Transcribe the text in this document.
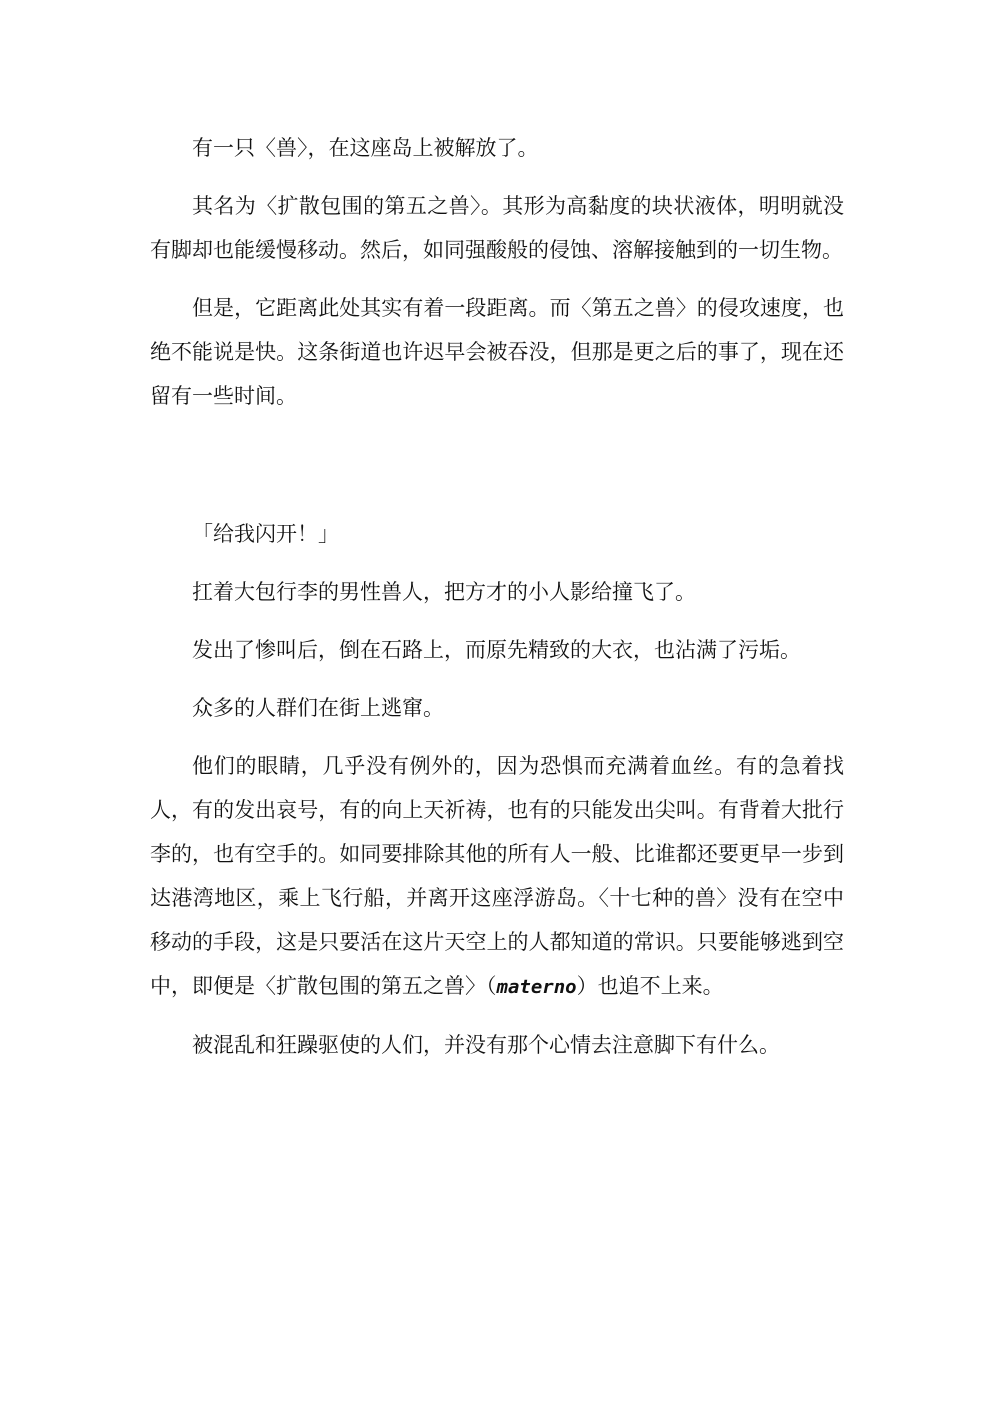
有一只〈兽〉，在这座岛上被解放了。

其名为〈扩散包围的第五之兽〉。其形为高黏度的块状液体，明明就没有脚却也能缓慢移动。然后，如同强酸般的侵蚀、溶解接触到的一切生物。

但是，它距离此处其实有着一段距离。而〈第五之兽〉的侵攻速度，也绝不能说是快。这条街道也许迟早会被吞没，但那是更之后的事了，现在还留有一些时间。

「给我闪开！」

扛着大包行李的男性兽人，把方才的小人影给撞飞了。

发出了惨叫后，倒在石路上，而原先精致的大衣，也沾满了污垢。

众多的人群们在街上逃窜。

他们的眼睛，几乎没有例外的，因为恐惧而充满着血丝。有的急着找人，有的发出哀号，有的向上天祈祷，也有的只能发出尖叫。有背着大批行李的，也有空手的。如同要排除其他的所有人一般、比谁都还要更早一步到达港湾地区，乘上飞行船，并离开这座浮游岛。〈十七种的兽〉没有在空中移动的手段，这是只要活在这片天空上的人都知道的常识。只要能够逃到空中，即便是〈扩散包围的第五之兽〉（materno）也追不上来。

被混乱和狂躁驱使的人们，并没有那个心情去注意脚下有什么。
